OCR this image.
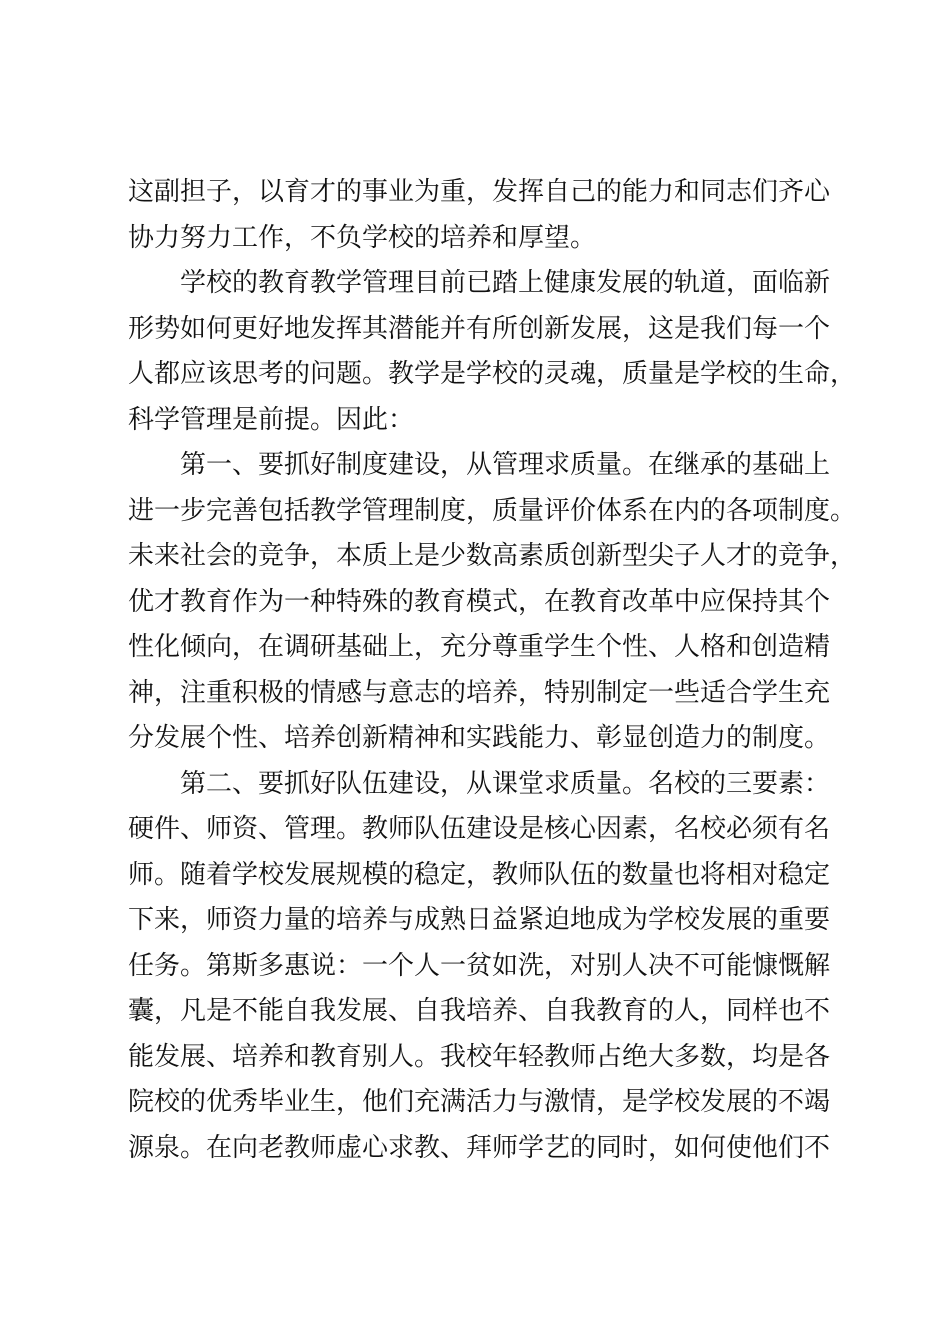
这副担子，以育才的事业为重，发挥自己的能力和同志们齐心
协力努力工作，不负学校的培养和厚望。
学校的教育教学管理目前已踏上健康发展的轨道，面临新
形势如何更好地发挥其潜能并有所创新发展，这是我们每一个
人都应该思考的问题。教学是学校的灵魂，质量是学校的生命，
科学管理是前提。因此：
第一、要抓好制度建设，从管理求质量。在继承的基础上
进一步完善包括教学管理制度，质量评价体系在内的各项制度。
未来社会的竞争，本质上是少数高素质创新型尖子人才的竞争，
优才教育作为一种特殊的教育模式，在教育改革中应保持其个
性化倾向，在调研基础上，充分尊重学生个性、人格和创造精
神，注重积极的情感与意志的培养，特别制定一些适合学生充
分发展个性、培养创新精神和实践能力、彰显创造力的制度。
第二、要抓好队伍建设，从课堂求质量。名校的三要素：
硬件、师资、管理。教师队伍建设是核心因素，名校必须有名
师。随着学校发展规模的稳定，教师队伍的数量也将相对稳定
下来，师资力量的培养与成熟日益紧迫地成为学校发展的重要
任务。第斯多惠说：一个人一贫如洗，对别人决不可能慷慨解
囊，凡是不能自我发展、自我培养、自我教育的人，同样也不
能发展、培养和教育别人。我校年轻教师占绝大多数，均是各
院校的优秀毕业生，他们充满活力与激情，是学校发展的不竭
源泉。在向老教师虚心求教、拜师学艺的同时，如何使他们不
